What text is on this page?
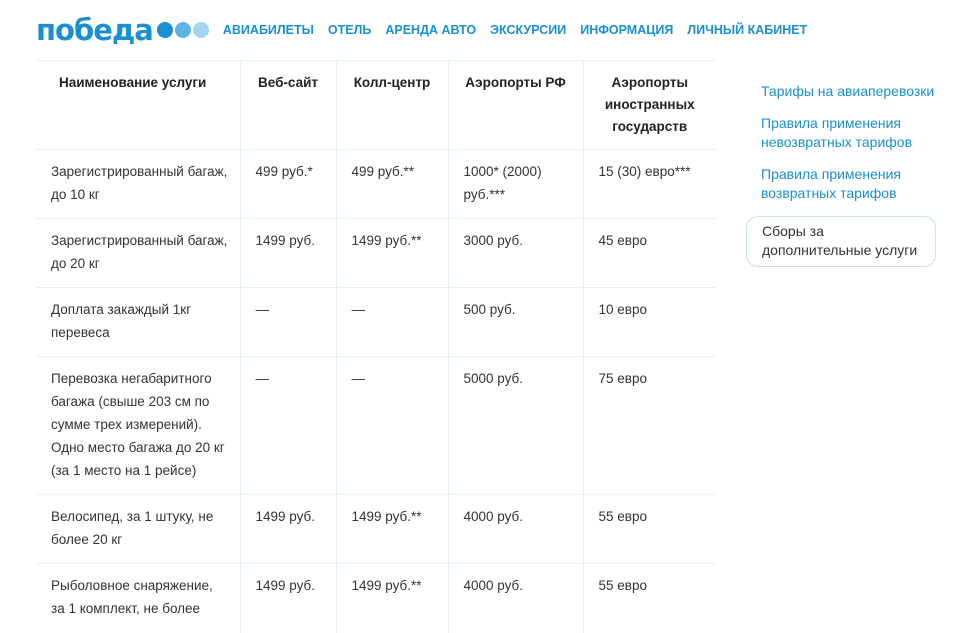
победа	АВИАБИЛЕТЫ ОТЕЛЬ АРЕНДА АВТО ЭКСКУРСИИ ИНФОРМАЦИЯ ЛИЧНЫЙ КАБИНЕТ
Наименование услуги	Веб-сайт	Колл-центр	Аэропорты РФ	Аэропорты иностранных государств
Зарегистрированный багаж, до 10 кг	499 руб.*	499 руб.**	1000* (2000) руб.***	15 (30) евро***
Зарегистрированный багаж, до 20 кг	1499 руб.	1499 руб.**	3000 руб.	45 евро
Доплата закаждый 1кг перевеса	—	—	500 руб.	10 евро
Перевозка негабаритного багажа (свыше 203 см по сумме трех измерений). Одно место багажа до 20 кг (за 1 место на 1 рейсе)	—	—	5000 руб.	75 евро
Велосипед, за 1 штуку, не более 20 кг	1499 руб.	1499 руб.**	4000 руб.	55 евро
Рыболовное снаряжение, за 1 комплект, не более	1499 руб.	1499 руб.**	4000 руб.	55 евро
Тарифы на авиаперевозки
Правила применения невозвратных тарифов
Правила применения возвратных тарифов
Сборы за дополнительные услуги
